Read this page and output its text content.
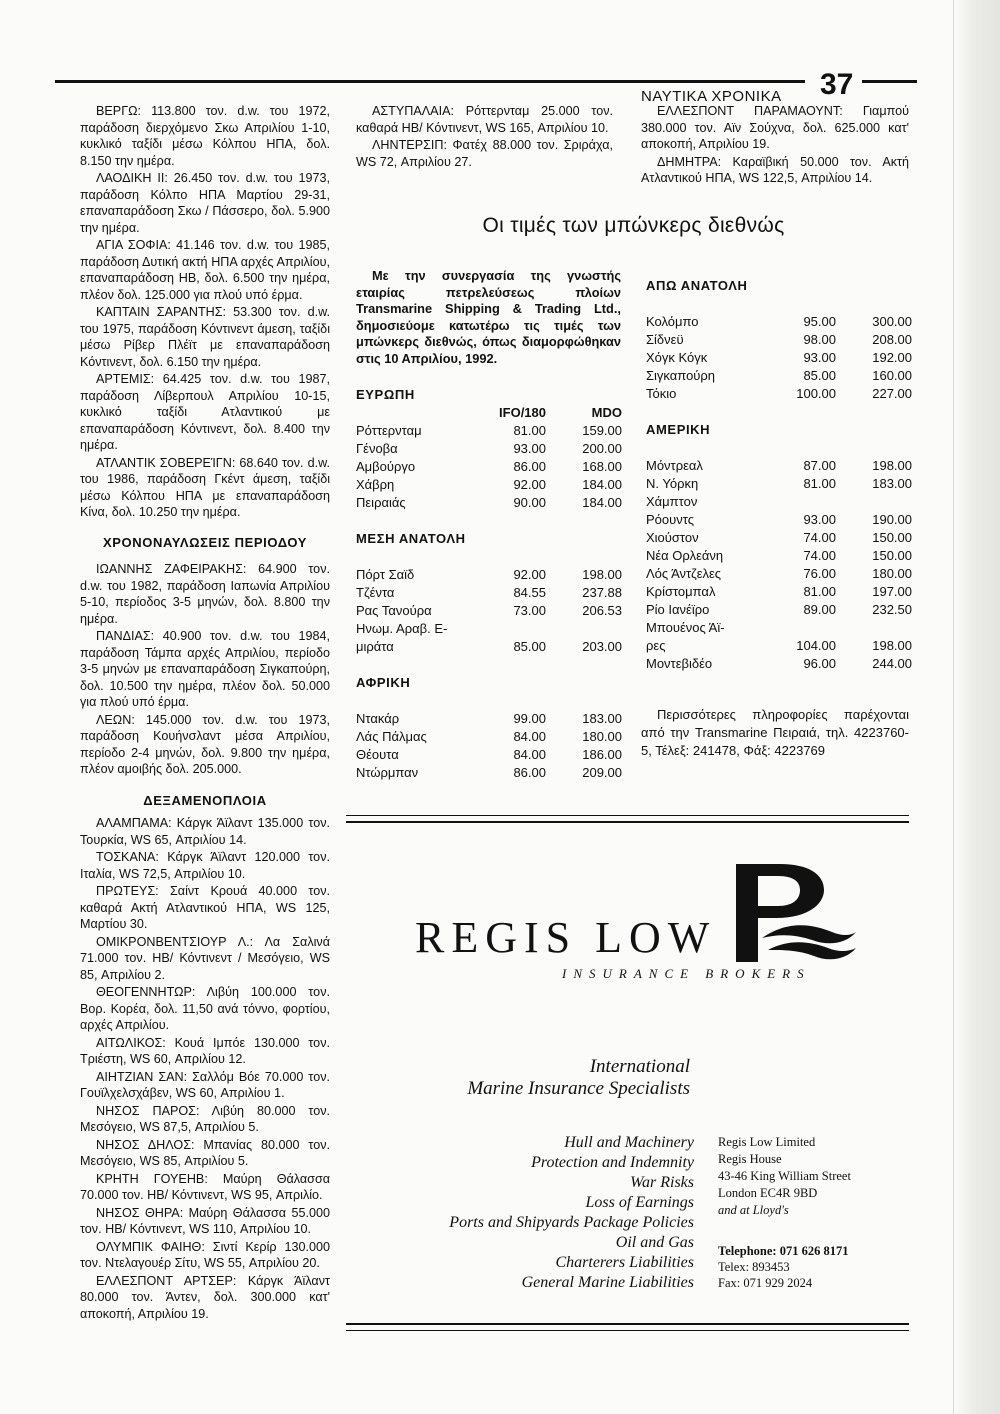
ΝΑΥΤΙΚΑ ΧΡΟΝΙΚΑ 37

ΒΕΡΓΩ: 113.800 τον. d.w. του 1972, παράδοση διερχόμενο Σκω Απριλίου 1-10, κυκλικό ταξίδι μέσω Κόλπου ΗΠΑ, δολ. 8.150 την ημέρα.

ΛΑΟΔΙΚΗ ΙΙ: 26.450 τον. d.w. του 1973, παράδοση Κόλπο ΗΠΑ Μαρτίου 29-31, επαναπαράδοση Σκω / Πάσσερο, δολ. 5.900 την ημέρα.

ΑΓΙΑ ΣΟΦΙΑ: 41.146 τον. d.w. του 1985, παράδοση Δυτική ακτή ΗΠΑ αρχές Απριλίου, επαναπαράδοση ΗΒ, δολ. 6.500 την ημέρα, πλέον δολ. 125.000 για πλού υπό έρμα.

ΚΑΠΤΑΙΝ ΣΑΡΑΝΤΗΣ: 53.300 τον. d.w. του 1975, παράδοση Κόντινεντ άμεση, ταξίδι μέσω Ρίβερ Πλέϊτ με επαναπαράδοση Κόντινεντ, δολ. 6.150 την ημέρα.

ΑΡΤΕΜΙΣ: 64.425 τον. d.w. του 1987, παράδοση Λίβερπουλ Απριλίου 10-15, κυκλικό ταξίδι Ατλαντικού με επαναπαράδοση Κόντινεντ, δολ. 8.400 την ημέρα.

ΑΤΛΑΝΤΙΚ ΣΟΒΕΡΕΊΓΝ: 68.640 τον. d.w. του 1986, παράδοση Γκέντ άμεση, ταξίδι μέσω Κόλπου ΗΠΑ με επαναπαράδοση Κίνα, δολ. 10.250 την ημέρα.

ΧΡΟΝΟΝΑΥΛΩΣΕΙΣ ΠΕΡΙΟΔΟΥ

ΙΩΑΝΝΗΣ ΖΑΦΕΙΡΑΚΗΣ: 64.900 τον. d.w. του 1982, παράδοση Ιαπωνία Απριλίου 5-10, περίοδος 3-5 μηνών, δολ. 8.800 την ημέρα.

ΠΑΝΔΙΑΣ: 40.900 τον. d.w. του 1984, παράδοση Τάμπα αρχές Απριλίου, περίοδο 3-5 μηνών με επαναπαράδοση Σιγκαπούρη, δολ. 10.500 την ημέρα, πλέον δολ. 50.000 για πλού υπό έρμα.

ΛΕΩΝ: 145.000 τον. d.w. του 1973, παράδοση Κουήνσλαντ μέσα Απριλίου, περίοδο 2-4 μηνών, δολ. 9.800 την ημέρα, πλέον αμοιβής δολ. 205.000.

ΔΕΞΑΜΕΝΟΠΛΟΙΑ

ΑΛΑΜΠΑΜΑ: Κάργκ Άϊλαντ 135.000 τον. Τουρκία, WS 65, Απριλίου 14.

ΤΟΣΚΑΝΑ: Κάργκ Άϊλαντ 120.000 τον. Ιταλία, WS 72,5, Απριλίου 10.

ΠΡΩΤΕΥΣ: Σαίντ Κρουά 40.000 τον. καθαρά Ακτή Ατλαντικού ΗΠΑ, WS 125, Μαρτίου 30.

ΟΜΙΚΡΟΝΒΕΝΤΣΙΟΥΡ Λ.: Λα Σαλινά 71.000 τον. ΗΒ/ Κόντινεντ / Μεσόγειο, WS 85, Απριλίου 2.

ΘΕΟΓΕΝΝΗΤΩΡ: Λιβύη 100.000 τον. Βορ. Κορέα, δολ. 11,50 ανά τόννο, φορτίου, αρχές Απριλίου.

ΑΙΤΩΛΙΚΟΣ: Κουά Ιμπόε 130.000 τον. Τριέστη, WS 60, Απριλίου 12.

ΑΙΗΤΖΙΑΝ ΣΑΝ: Σαλλόμ Βόε 70.000 τον. Γουϊλχελσχάβεν, WS 60, Απριλίου 1.

ΝΗΣΟΣ ΠΑΡΟΣ: Λιβύη 80.000 τον. Μεσόγειο, WS 87,5, Απριλίου 5.

ΝΗΣΟΣ ΔΗΛΟΣ: Μπανίας 80.000 τον. Μεσόγειο, WS 85, Απριλίου 5.

ΚΡΗΤΗ ΓΟΥΕΗΒ: Μαύρη Θάλασσα 70.000 τον. ΗΒ/ Κόντινεντ, WS 95, Απριλίο.

ΝΗΣΟΣ ΘΗΡΑ: Μαύρη Θάλασσα 55.000 τον. ΗΒ/ Κόντινεντ, WS 110, Απριλίου 10.

ΟΛΥΜΠΙΚ ΦΑΙΗΘ: Σιντί Κερίρ 130.000 τον. Ντελαγουέρ Σίτυ, WS 55, Απριλίου 20.

ΕΛΛΕΣΠΟΝΤ ΑΡΤΣΕΡ: Κάργκ Άϊλαντ 80.000 τον. Άντεν, δολ. 300.000 κατ' αποκοπή, Απριλίου 19.

ΑΣΤΥΠΑΛΑΙΑ: Ρόττερνταμ 25.000 τον. καθαρά ΗΒ/ Κόντινεντ, WS 165, Απριλίου 10.

ΛΗΝΤΕΡΣΙΠ: Φατέχ 88.000 τον. Σριράχα, WS 72, Απριλίου 27.

ΕΛΛΕΣΠΟΝΤ ΠΑΡΑΜΑΟΥΝΤ: Γιαμπού 380.000 τον. Αϊν Σούχνα, δολ. 625.000 κατ' αποκοπή, Απριλίου 19.

ΔΗΜΗΤΡΑ: Καραϊβική 50.000 τον. Ακτή Ατλαντικού ΗΠΑ, WS 122,5, Απριλίου 14.

Οι τιμές των μπώνκερς διεθνώς
Με την συνεργασία της γνωστής εταιρίας πετρελεύσεως πλοίων Transmarine Shipping & Trading Ltd., δημοσιεύομε κατωτέρω τις τιμές των μπώνκερς διεθνώς, όπως διαμορφώθηκαν στις 10 Απριλίου, 1992.
ΕΥΡΩΠΗ
IFO/180	MDO
Ρόττερνταμ	81.00	159.00
Γένοβα	93.00	200.00
Αμβούργο	86.00	168.00
Χάβρη	92.00	184.00
Πειραιάς	90.00	184.00
ΜΕΣΗ ΑΝΑΤΟΛΗ
Πόρτ Σαϊδ	92.00	198.00
Τζέντα	84.55	237.88
Ρας Τανούρα	73.00	206.53
Ηνωμ. Αραβ. Ε-
μιράτα	85.00	203.00
ΑΦΡΙΚΗ
Ντακάρ	99.00	183.00
Λάς Πάλμας	84.00	180.00
Θέουτα	84.00	186.00
Ντώρμπαν	86.00	209.00
ΑΠΩ ΑΝΑΤΟΛΗ
Κολόμπο	95.00	300.00
Σίδνεϋ	98.00	208.00
Χόγκ Κόγκ	93.00	192.00
Σιγκαπούρη	85.00	160.00
Τόκιο	100.00	227.00
ΑΜΕΡΙΚΗ
Μόντρεαλ	87.00	198.00
Ν. Υόρκη	81.00	183.00
Χάμπτον
Ρόουντς	93.00	190.00
Χιούστον	74.00	150.00
Νέα Ορλεάνη	74.00	150.00
Λός Άντζελες	76.00	180.00
Κρίστομπαλ	81.00	197.00
Ρίο Ιανέϊρο	89.00	232.50
Μπουένος Άϊ-
ρες	104.00	198.00
Μοντεβιδέο	96.00	244.00
Περισσότερες πληροφορίες παρέχονται από την Transmarine Πειραιά, τηλ. 4223760-5, Τέλεξ: 241478, Φάξ: 4223769
REGIS LOW
INSURANCE BROKERS
International
Marine Insurance Specialists
Hull and Machinery
Protection and Indemnity
War Risks
Loss of Earnings
Ports and Shipyards Package Policies
Oil and Gas
Charterers Liabilities
General Marine Liabilities
Regis Low Limited
Regis House
43-46 King William Street
London EC4R 9BD
and at Lloyd's
Telephone: 071 626 8171
Telex: 893453
Fax: 071 929 2024
